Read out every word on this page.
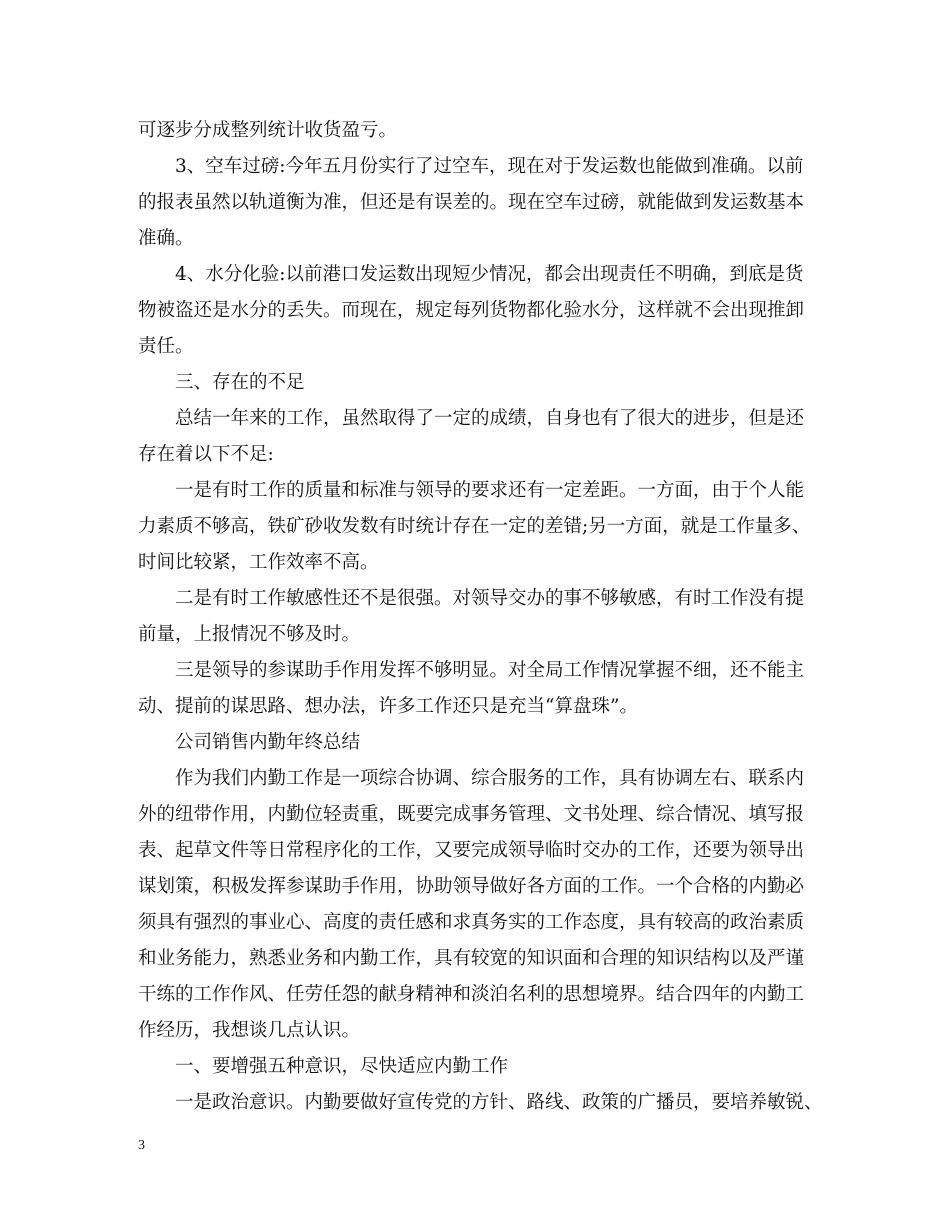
可逐步分成整列统计收货盈亏。
3、空车过磅:今年五月份实行了过空车，现在对于发运数也能做到准确。以前
的报表虽然以轨道衡为准，但还是有误差的。现在空车过磅，就能做到发运数基本
准确。
4、水分化验:以前港口发运数出现短少情况，都会出现责任不明确，到底是货
物被盗还是水分的丢失。而现在，规定每列货物都化验水分，这样就不会出现推卸
责任。
三、存在的不足
总结一年来的工作，虽然取得了一定的成绩，自身也有了很大的进步，但是还
存在着以下不足:
一是有时工作的质量和标准与领导的要求还有一定差距。一方面，由于个人能
力素质不够高，铁矿砂收发数有时统计存在一定的差错;另一方面，就是工作量多、
时间比较紧，工作效率不高。
二是有时工作敏感性还不是很强。对领导交办的事不够敏感，有时工作没有提
前量，上报情况不够及时。
三是领导的参谋助手作用发挥不够明显。对全局工作情况掌握不细，还不能主
动、提前的谋思路、想办法，许多工作还只是充当“算盘珠”。
公司销售内勤年终总结
作为我们内勤工作是一项综合协调、综合服务的工作，具有协调左右、联系内
外的纽带作用，内勤位轻责重，既要完成事务管理、文书处理、综合情况、填写报
表、起草文件等日常程序化的工作，又要完成领导临时交办的工作，还要为领导出
谋划策，积极发挥参谋助手作用，协助领导做好各方面的工作。一个合格的内勤必
须具有强烈的事业心、高度的责任感和求真务实的工作态度，具有较高的政治素质
和业务能力，熟悉业务和内勤工作，具有较宽的知识面和合理的知识结构以及严谨
干练的工作作风、任劳任怨的献身精神和淡泊名利的思想境界。结合四年的内勤工
作经历，我想谈几点认识。
一、要增强五种意识，尽快适应内勤工作
一是政治意识。内勤要做好宣传党的方针、路线、政策的广播员，要培养敏锐、
3
